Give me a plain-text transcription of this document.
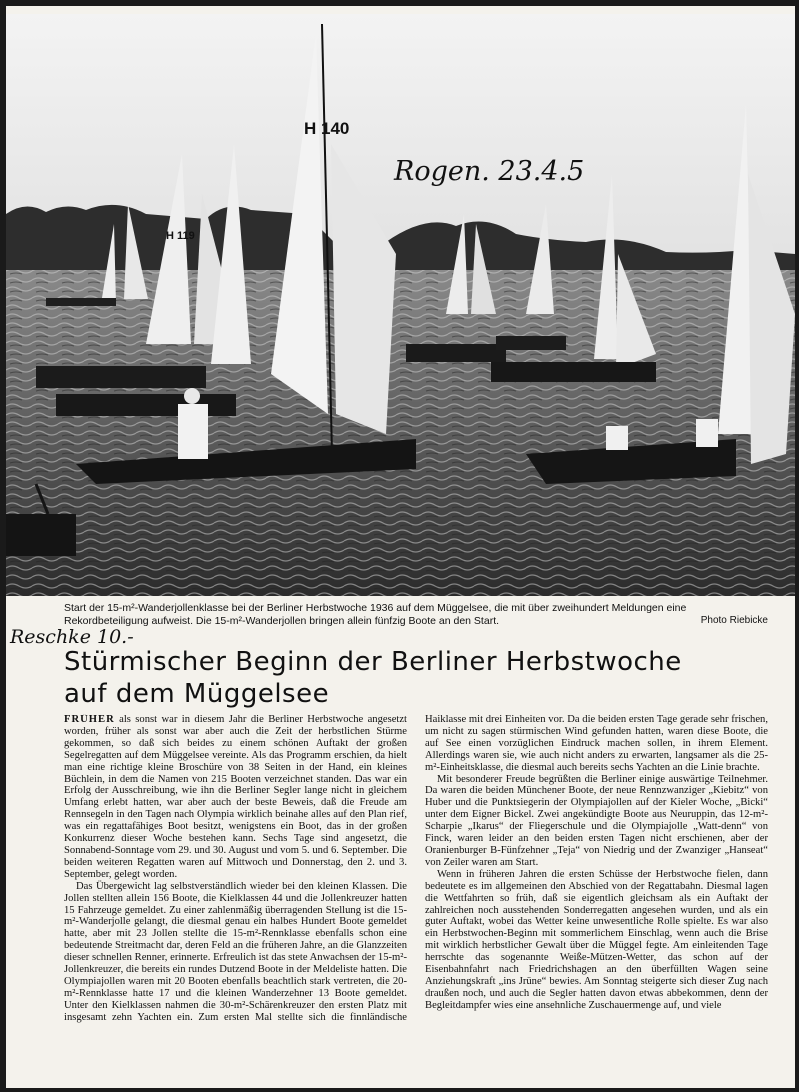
H 140
H 119
Rogen. 23.4.5
Start der 15-m²-Wanderjollenklasse bei der Berliner Herbstwoche 1936 auf dem Müggelsee, die mit über zweihundert Meldungen eine Rekordbeteiligung aufweist. Die 15-m²-Wanderjollen bringen allein fünfzig Boote an den Start.	Photo Riebicke
Reschke 10.-
Stürmischer Beginn der Berliner Herbstwoche
auf dem Müggelsee

FRÜHER als sonst war in diesem Jahr die Berliner Herbstwoche angesetzt worden, früher als sonst war aber auch die Zeit der herbstlichen Stürme gekommen, so daß sich beides zu einem schönen Auftakt der großen Segelregatten auf dem Müggelsee vereinte. Als das Programm erschien, da hielt man eine richtige kleine Broschüre von 38 Seiten in der Hand, ein kleines Büchlein, in dem die Namen von 215 Booten verzeichnet standen. Das war ein Erfolg der Ausschreibung, wie ihn die Berliner Segler lange nicht in gleichem Umfang erlebt hatten, war aber auch der beste Beweis, daß die Freude am Rennsegeln in den Tagen nach Olympia wirklich beinahe alles auf den Plan rief, was ein regattafähiges Boot besitzt, wenigstens ein Boot, das in der großen Konkurrenz dieser Woche bestehen kann. Sechs Tage sind angesetzt, die Sonnabend-Sonntage vom 29. und 30. August und vom 5. und 6. September. Die beiden weiteren Regatten waren auf Mittwoch und Donnerstag, den 2. und 3. September, gelegt worden.

Das Übergewicht lag selbstverständlich wieder bei den kleinen Klassen. Die Jollen stellten allein 156 Boote, die Kielklassen 44 und die Jollenkreuzer hatten 15 Fahrzeuge gemeldet. Zu einer zahlenmäßig überragenden Stellung ist die 15-m²-Wanderjolle gelangt, die diesmal genau ein halbes Hundert Boote gemeldet hatte, aber mit 23 Jollen stellte die 15-m²-Rennklasse ebenfalls schon eine bedeutende Streitmacht dar, deren Feld an die früheren Jahre, an die Glanzzeiten dieser schnellen Renner, erinnerte. Erfreulich ist das stete Anwachsen der 15-m²-Jollenkreuzer, die bereits ein rundes Dutzend Boote in der Meldeliste hatten. Die Olympiajollen waren mit 20 Booten ebenfalls beachtlich stark vertreten, die 20-m²-Rennklasse hatte 17 und die kleinen Wanderzehner 13 Boote gemeldet. Unter den Kielklassen nahmen die 30-m²-Schärenkreuzer den ersten Platz mit insgesamt zehn Yachten ein. Zum ersten Mal stellte sich die finnländische Haiklasse mit drei Einheiten vor. Da die beiden ersten Tage gerade sehr frischen, um nicht zu sagen stürmischen Wind gefunden hatten, waren diese Boote, die auf See einen vorzüglichen Eindruck machen sollen, in ihrem Element. Allerdings waren sie, wie auch nicht anders zu erwarten, langsamer als die 25-m²-Einheitsklasse, die diesmal auch bereits sechs Yachten an die Linie brachte.

Mit besonderer Freude begrüßten die Berliner einige auswärtige Teilnehmer. Da waren die beiden Münchener Boote, der neue Rennzwanziger „Kiebitz“ von Huber und die Punktsiegerin der Olympiajollen auf der Kieler Woche, „Bicki“ unter dem Eigner Bickel. Zwei angekündigte Boote aus Neuruppin, das 12-m²-Scharpie „Ikarus“ der Fliegerschule und die Olympiajolle „Watt-denn“ von Finck, waren leider an den beiden ersten Tagen nicht erschienen, aber der Oranienburger B-Fünfzehner „Teja“ von Niedrig und der Zwanziger „Hanseat“ von Zeiler waren am Start.

Wenn in früheren Jahren die ersten Schüsse der Herbstwoche fielen, dann bedeutete es im allgemeinen den Abschied von der Regattabahn. Diesmal lagen die Wettfahrten so früh, daß sie eigentlich gleichsam als ein Auftakt der zahlreichen noch ausstehenden Sonderregatten angesehen wurden, und als ein guter Auftakt, wobei das Wetter keine unwesentliche Rolle spielte. Es war also ein Herbstwochen-Beginn mit sommerlichem Einschlag, wenn auch die Brise mit wirklich herbstlicher Gewalt über die Müggel fegte. Am einleitenden Tage herrschte das sogenannte Weiße-Mützen-Wetter, das schon auf der Eisenbahnfahrt nach Friedrichshagen an den überfüllten Wagen seine Anziehungskraft „ins Jrüne“ bewies. Am Sonntag steigerte sich dieser Zug nach draußen noch, und auch die Segler hatten davon etwas abbekommen, denn der Begleitdampfer wies eine ansehnliche Zuschauermenge auf, und viele
